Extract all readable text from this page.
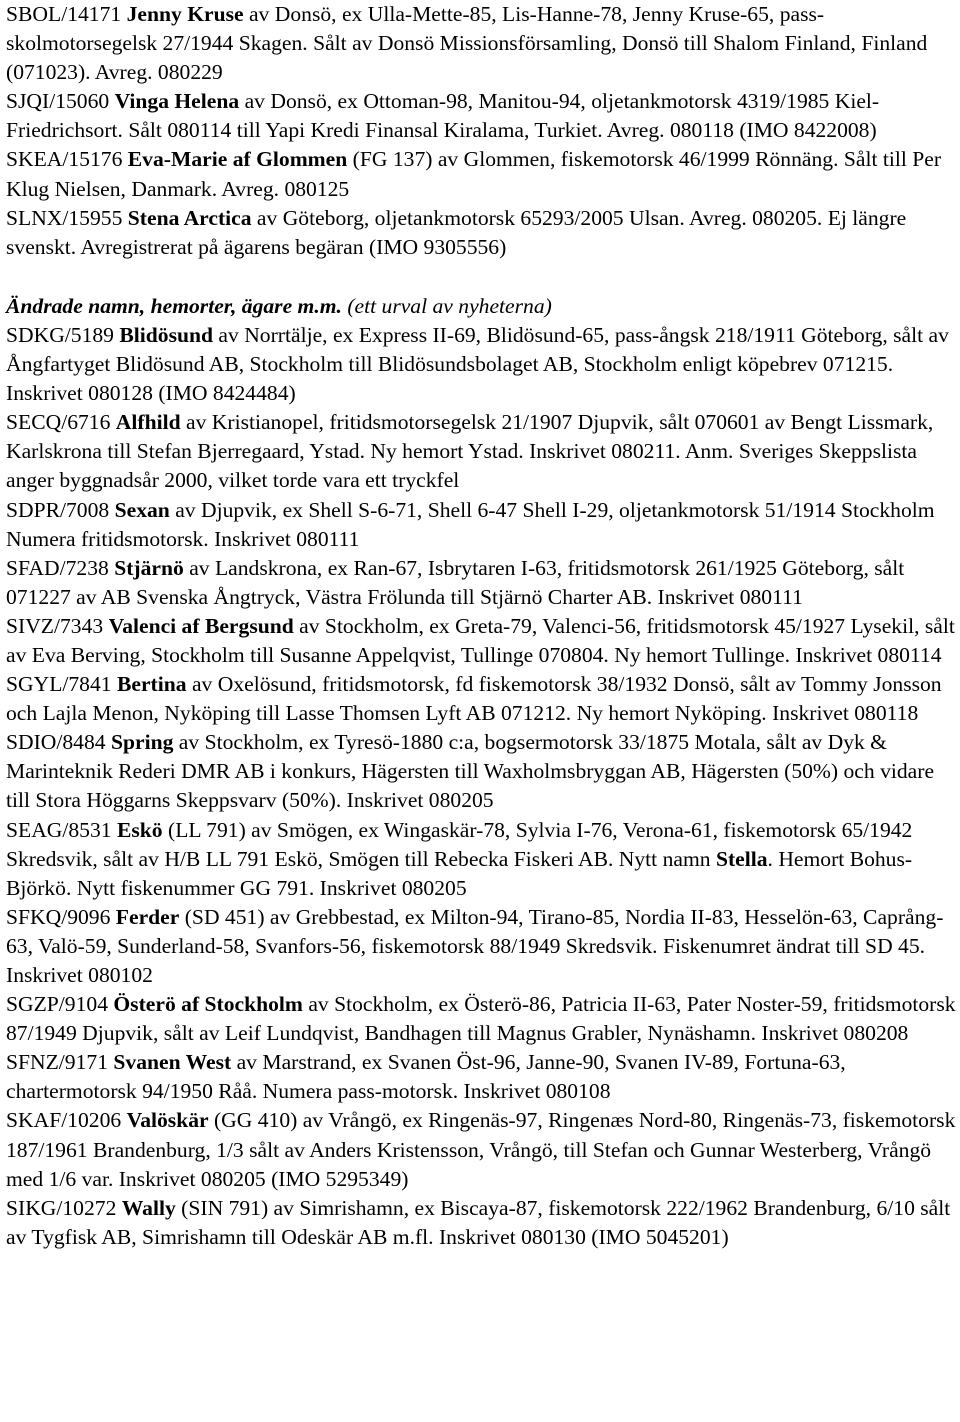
SBOL/14171 Jenny Kruse av Donsö, ex Ulla-Mette-85, Lis-Hanne-78, Jenny Kruse-65, pass-skolmotorsegelsk 27/1944 Skagen. Sålt av Donsö Missionsförsamling, Donsö till Shalom Finland, Finland (071023). Avreg. 080229

SJQI/15060 Vinga Helena av Donsö, ex Ottoman-98, Manitou-94, oljetankmotorsk 4319/1985 Kiel-Friedrichsort. Sålt 080114 till Yapi Kredi Finansal Kiralama, Turkiet. Avreg. 080118 (IMO 8422008)

SKEA/15176 Eva-Marie af Glommen (FG 137) av Glommen, fiskemotorsk 46/1999 Rönnäng. Sålt till Per Klug Nielsen, Danmark. Avreg. 080125

SLNX/15955 Stena Arctica av Göteborg, oljetankmotorsk 65293/2005 Ulsan. Avreg. 080205. Ej längre svenskt. Avregistrerat på ägarens begäran (IMO 9305556)

Ändrade namn, hemorter, ägare m.m. (ett urval av nyheterna)

SDKG/5189 Blidösund av Norrtälje, ex Express II-69, Blidösund-65, pass-ångsk 218/1911 Göteborg, sålt av Ångfartyget Blidösund AB, Stockholm till Blidösundsbolaget AB, Stockholm enligt köpebrev 071215. Inskrivet 080128 (IMO 8424484)

SECQ/6716 Alfhild av Kristianopel, fritidsmotorsegelsk 21/1907 Djupvik, sålt 070601 av Bengt Lissmark, Karlskrona till Stefan Bjerregaard, Ystad. Ny hemort Ystad. Inskrivet 080211. Anm. Sveriges Skeppslista anger byggnadsår 2000, vilket torde vara ett tryckfel

SDPR/7008 Sexan av Djupvik, ex Shell S-6-71, Shell 6-47 Shell I-29, oljetankmotorsk 51/1914 Stockholm Numera fritidsmotorsk. Inskrivet 080111

SFAD/7238 Stjärnö av Landskrona, ex Ran-67, Isbrytaren I-63, fritidsmotorsk 261/1925 Göteborg, sålt 071227 av AB Svenska Ångtryck, Västra Frölunda till Stjärnö Charter AB. Inskrivet 080111

SIVZ/7343 Valenci af Bergsund av Stockholm, ex Greta-79, Valenci-56, fritidsmotorsk 45/1927 Lysekil, sålt av Eva Berving, Stockholm till Susanne Appelqvist, Tullinge 070804. Ny hemort Tullinge. Inskrivet 080114

SGYL/7841 Bertina av Oxelösund, fritidsmotorsk, fd fiskemotorsk 38/1932 Donsö, sålt av Tommy Jonsson och Lajla Menon, Nyköping till Lasse Thomsen Lyft AB 071212. Ny hemort Nyköping. Inskrivet 080118

SDIO/8484 Spring av Stockholm, ex Tyresö-1880 c:a, bogsermotorsk 33/1875 Motala, sålt av Dyk & Marinteknik Rederi DMR AB i konkurs, Hägersten till Waxholmsbryggan AB, Hägersten (50%) och vidare till Stora Höggarns Skeppsvarv (50%). Inskrivet 080205

SEAG/8531 Eskö (LL 791) av Smögen, ex Wingaskär-78, Sylvia I-76, Verona-61, fiskemotorsk 65/1942 Skredsvik, sålt av H/B LL 791 Eskö, Smögen till Rebecka Fiskeri AB. Nytt namn Stella. Hemort Bohus-Björkö. Nytt fiskenummer GG 791. Inskrivet 080205

SFKQ/9096 Ferder (SD 451) av Grebbestad, ex Milton-94, Tirano-85, Nordia II-83, Hesselön-63, Caprång-63, Valö-59, Sunderland-58, Svanfors-56, fiskemotorsk 88/1949 Skredsvik. Fiskenumret ändrat till SD 45. Inskrivet 080102

SGZP/9104 Österö af Stockholm av Stockholm, ex Österö-86, Patricia II-63, Pater Noster-59, fritidsmotorsk 87/1949 Djupvik, sålt av Leif Lundqvist, Bandhagen till Magnus Grabler, Nynäshamn. Inskrivet 080208

SFNZ/9171 Svanen West av Marstrand, ex Svanen Öst-96, Janne-90, Svanen IV-89, Fortuna-63, chartermotorsk 94/1950 Råå. Numera pass-motorsk. Inskrivet 080108

SKAF/10206 Valöskär (GG 410) av Vrångö, ex Ringenäs-97, Ringenæs Nord-80, Ringenäs-73, fiskemotorsk 187/1961 Brandenburg, 1/3 sålt av Anders Kristensson, Vrångö, till Stefan och Gunnar Westerberg, Vrångö med 1/6 var. Inskrivet 080205 (IMO 5295349)

SIKG/10272 Wally (SIN 791) av Simrishamn, ex Biscaya-87, fiskemotorsk 222/1962 Brandenburg, 6/10 sålt av Tygfisk AB, Simrishamn till Odeskär AB m.fl. Inskrivet 080130 (IMO 5045201)
